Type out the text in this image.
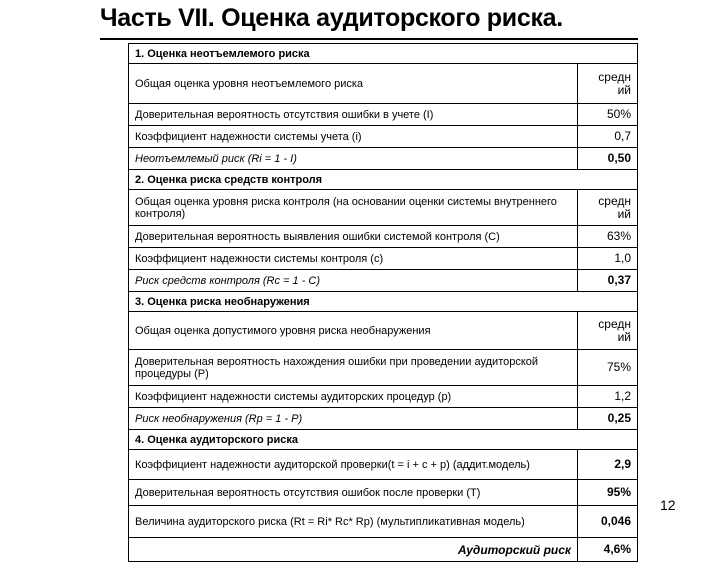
Часть VII. Оценка аудиторского риска.
1. Оценка неотъемлемого риска	
Общая оценка уровня неотъемлемого риска	средн ий
Доверительная вероятность отсутствия ошибки в учете (I)	50%
Коэффициент надежности системы учета (i)	0,7
Неотъемлемый риск (Ri = 1 - I)	0,50
2. Оценка риска средств контроля	
Общая оценка уровня риска контроля (на основании оценки системы внутреннего контроля)	средн ий
Доверительная вероятность выявления ошибки системой контроля (С)	63%
Коэффициент надежности системы контроля (с)	1,0
Риск средств контроля (Rc = 1 - C)	0,37
3. Оценка риска необнаружения	
Общая оценка допустимого уровня риска необнаружения	средн ий
Доверительная вероятность нахождения ошибки при проведении аудиторской процедуры (P)	75%
Коэффициент надежности системы аудиторских процедур (р)	1,2
Риск необнаружения (Rр = 1 - P)	0,25
4. Оценка аудиторского риска	
Коэффициент надежности аудиторской проверки(t = i + c + p) (аддит.модель)	2,9
Доверительная вероятность отсутствия ошибок после проверки (T)	95%
Величина аудиторского риска (Rt = Ri* Rc* Rp) (мультипликативная модель)	0,046
Аудиторский риск	4,6%
12
